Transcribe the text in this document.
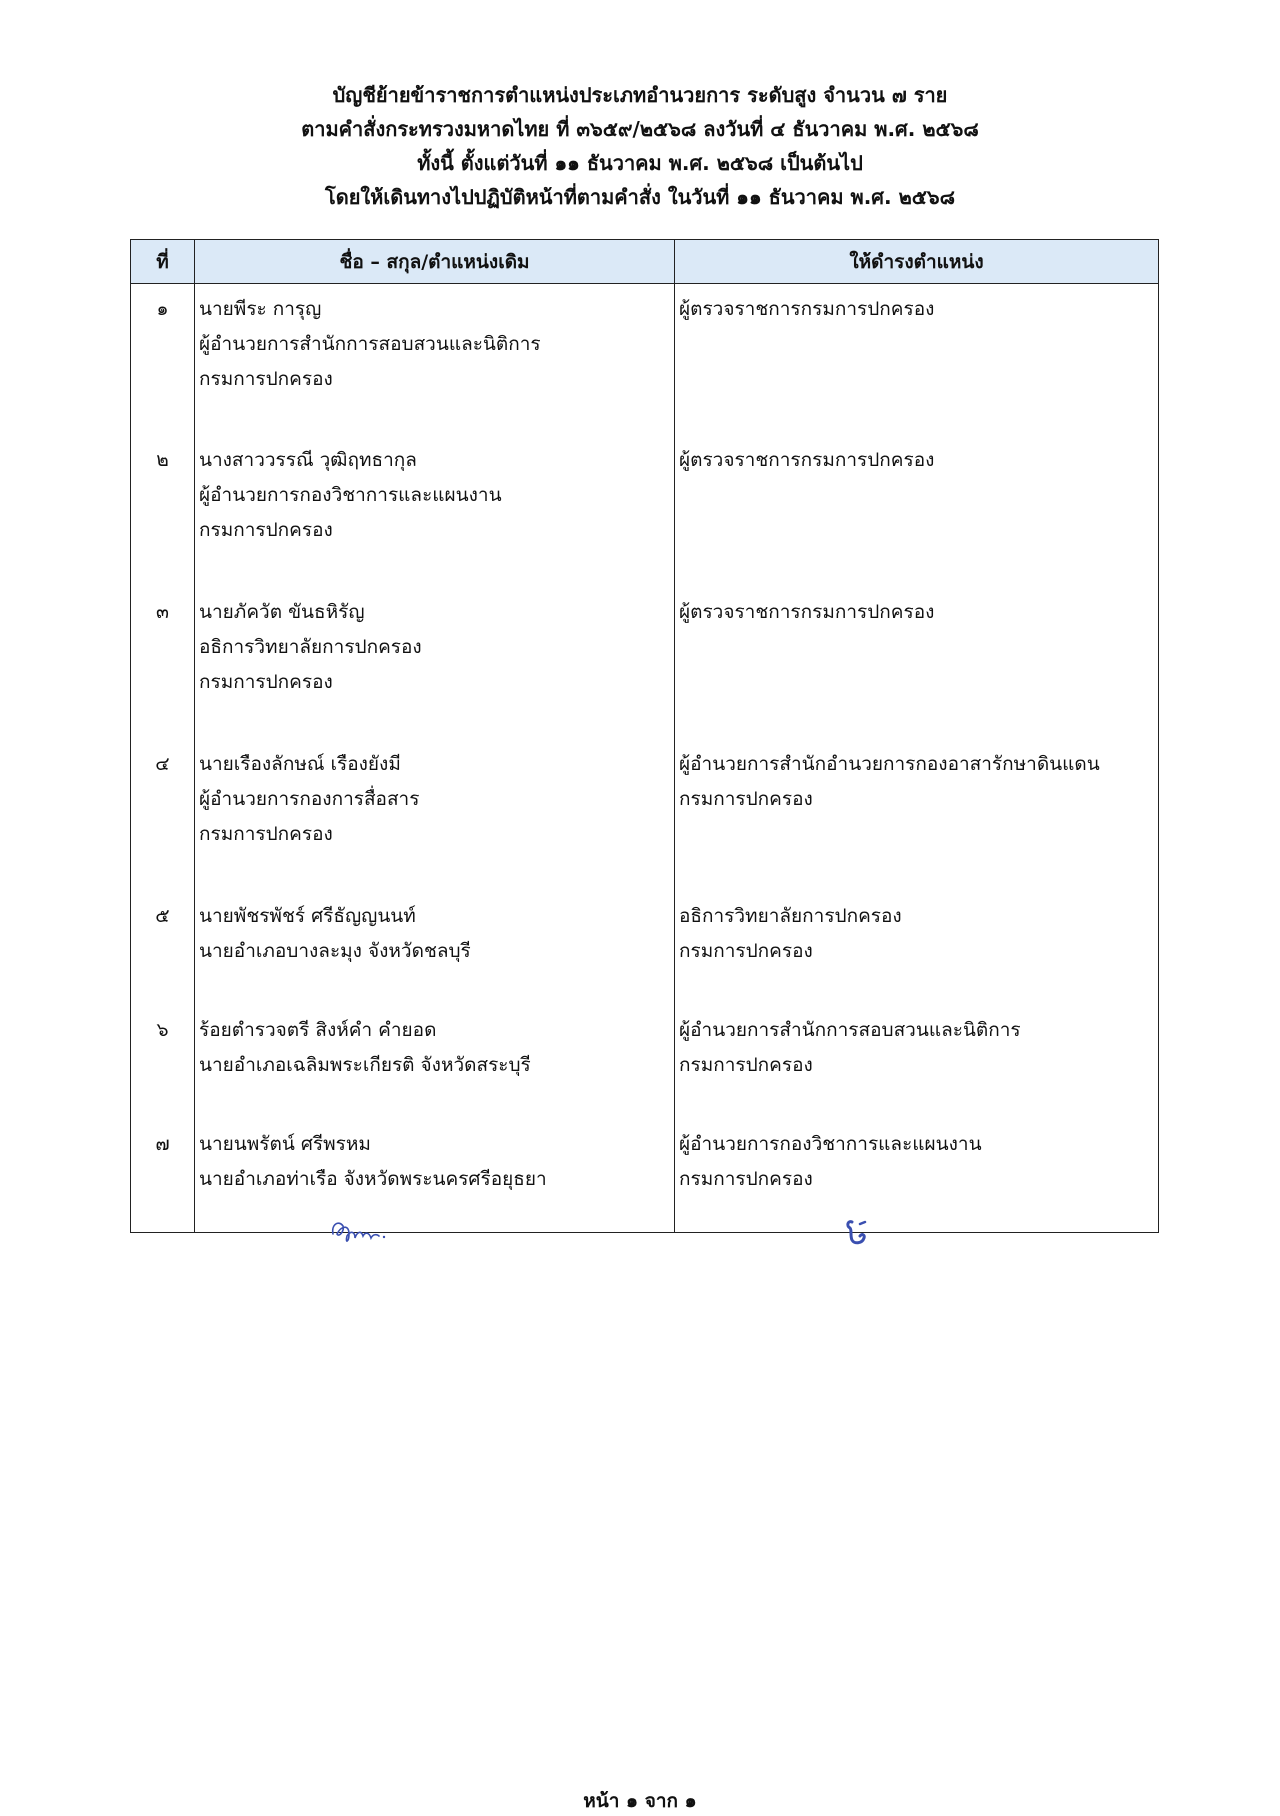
บัญชีย้ายข้าราชการตำแหน่งประเภทอำนวยการ ระดับสูง จำนวน ๗ ราย
ตามคำสั่งกระทรวงมหาดไทย ที่ ๓๖๕๙/๒๕๖๘ ลงวันที่ ๔ ธันวาคม พ.ศ. ๒๕๖๘
ทั้งนี้ ตั้งแต่วันที่ ๑๑ ธันวาคม พ.ศ. ๒๕๖๘ เป็นต้นไป
โดยให้เดินทางไปปฏิบัติหน้าที่ตามคำสั่ง ในวันที่ ๑๑ ธันวาคม พ.ศ. ๒๕๖๘
ที่	ชื่อ – สกุล/ตำแหน่งเดิม	ให้ดำรงตำแหน่ง
๑	นายพีระ การุญ
ผู้อำนวยการสำนักการสอบสวนและนิติการ
กรมการปกครอง	ผู้ตรวจราชการกรมการปกครอง

๒	นางสาววรรณี วุฒิฤทธากุล
ผู้อำนวยการกองวิชาการและแผนงาน
กรมการปกครอง	ผู้ตรวจราชการกรมการปกครอง

๓	นายภัควัต ขันธหิรัญ
อธิการวิทยาลัยการปกครอง
กรมการปกครอง	ผู้ตรวจราชการกรมการปกครอง

๔	นายเรืองลักษณ์ เรืองยังมี
ผู้อำนวยการกองการสื่อสาร
กรมการปกครอง	ผู้อำนวยการสำนักอำนวยการกองอาสารักษาดินแดน
กรมการปกครอง

๕	นายพัชรพัชร์ ศรีธัญญนนท์
นายอำเภอบางละมุง จังหวัดชลบุรี	อธิการวิทยาลัยการปกครอง
กรมการปกครอง

๖	ร้อยตำรวจตรี สิงห์คำ คำยอด
นายอำเภอเฉลิมพระเกียรติ จังหวัดสระบุรี	ผู้อำนวยการสำนักการสอบสวนและนิติการ
กรมการปกครอง

๗	นายนพรัตน์ ศรีพรหม
นายอำเภอท่าเรือ จังหวัดพระนครศรีอยุธยา	ผู้อำนวยการกองวิชาการและแผนงาน
กรมการปกครอง
หน้า ๑ จาก ๑
